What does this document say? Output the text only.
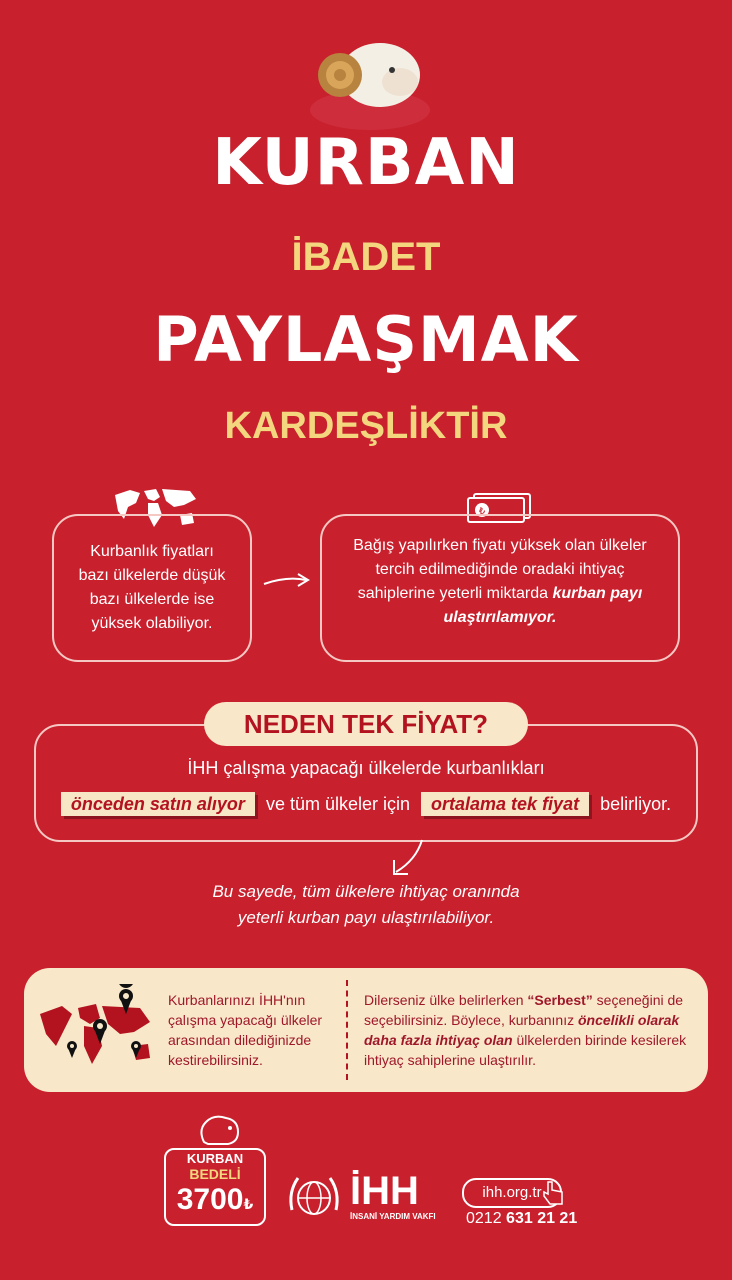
KURBAN
İBADET
PAYLAŞMAK
KARDEŞLİKTİR
Kurbanlık fiyatları bazı ülkelerde düşük bazı ülkelerde ise yüksek olabiliyor.
₺
Bağış yapılırken fiyatı yüksek olan ülkeler tercih edilmediğinde oradaki ihtiyaç sahiplerine yeterli miktarda kurban payı ulaştırılamıyor.
NEDEN TEK FİYAT?
İHH çalışma yapacağı ülkelerde kurbanlıkları
önceden satın alıyor ve tüm ülkeler için ortalama tek fiyat belirliyor.
Bu sayede, tüm ülkelere ihtiyaç oranında
yeterli kurban payı ulaştırılabiliyor.
Kurbanlarınızı İHH'nın çalışma yapacağı ülkeler arasından dilediğinizde kestirebilirsiniz.
Dilerseniz ülke belirlerken “Serbest” seçeneğini de seçebilirsiniz. Böylece, kurbanınız öncelikli olarak daha fazla ihtiyaç olan ülkelerden birinde kesilerek ihtiyaç sahiplerine ulaştırılır.
KURBAN
BEDELİ
3700₺ İHH
İNSANİ YARDIM VAKFI
ihh.org.tr
0212 631 21 21
